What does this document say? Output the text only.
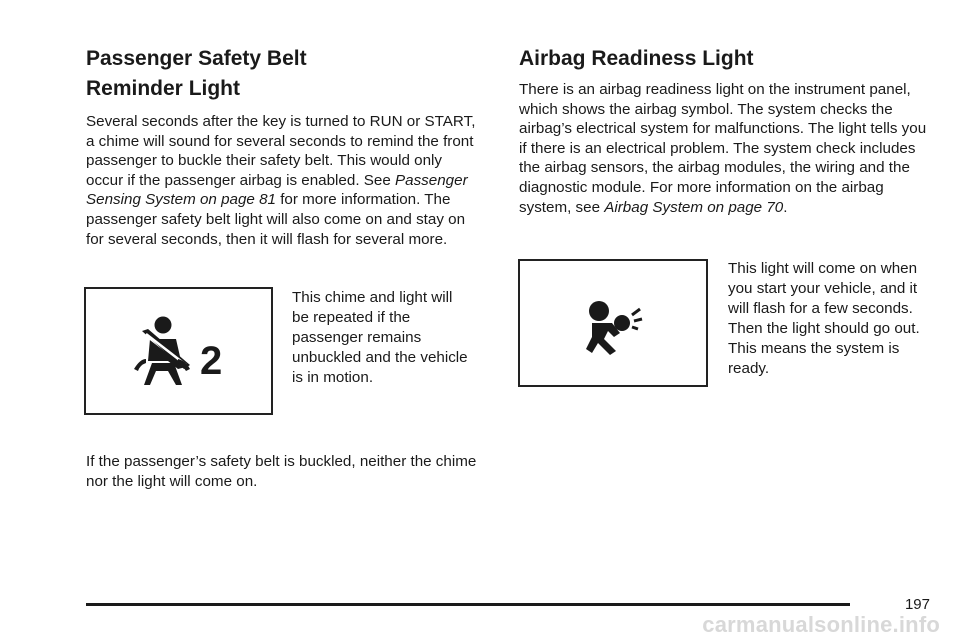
Passenger Safety Belt
Reminder Light

Several seconds after the key is turned to RUN or START, a chime will sound for several seconds to remind the front passenger to buckle their safety belt. This would only occur if the passenger airbag is enabled. See Passenger Sensing System on page 81 for more information. The passenger safety belt light will also come on and stay on for several seconds, then it will flash for several more.

2
This chime and light will be repeated if the passenger remains unbuckled and the vehicle is in motion.
If the passenger’s safety belt is buckled, neither the chime nor the light will come on.
Airbag Readiness Light

There is an airbag readiness light on the instrument panel, which shows the airbag symbol. The system checks the airbag’s electrical system for malfunctions. The light tells you if there is an electrical problem. The system check includes the airbag sensors, the airbag modules, the wiring and the diagnostic module. For more information on the airbag system, see Airbag System on page 70.

This light will come on when you start your vehicle, and it will flash for a few seconds. Then the light should go out. This means the system is ready.
197
carmanualsonline.info
